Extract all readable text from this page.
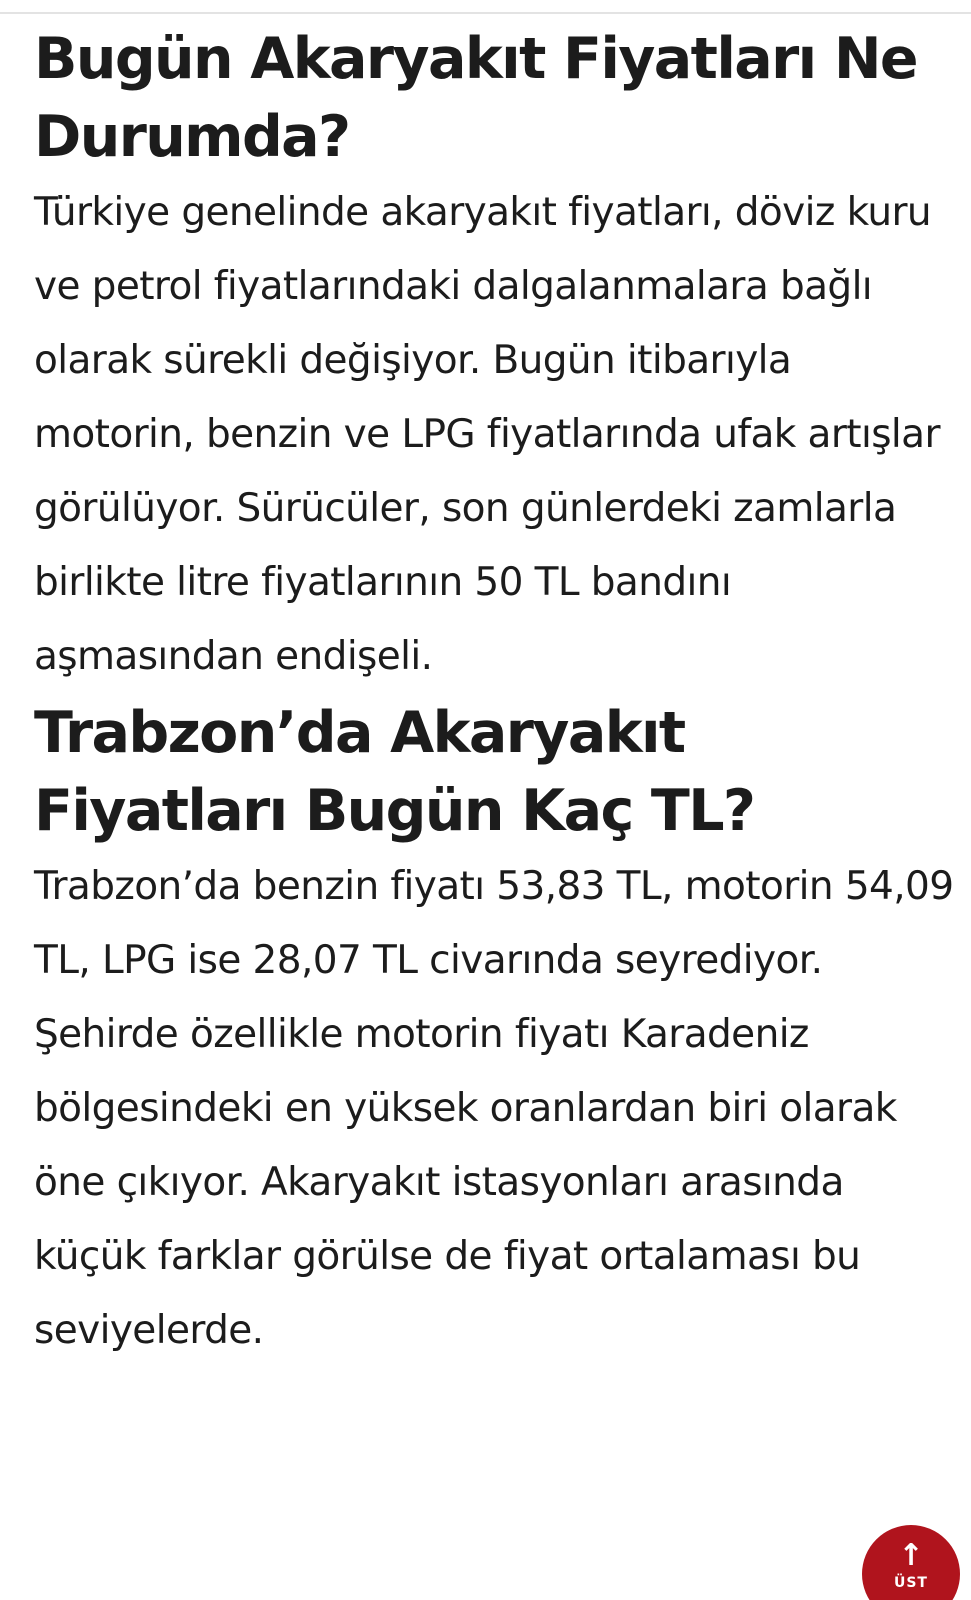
Bugün Akaryakıt Fiyatları Ne Durumda?

Türkiye genelinde akaryakıt fiyatları, döviz kuru ve petrol fiyatlarındaki dalgalanmalara bağlı olarak sürekli değişiyor. Bugün itibarıyla motorin, benzin ve LPG fiyatlarında ufak artışlar görülüyor. Sürücüler, son günlerdeki zamlarla birlikte litre fiyatlarının 50 TL bandını aşmasından endişeli.

Trabzon’da Akaryakıt Fiyatları Bugün Kaç TL?

Trabzon’da benzin fiyatı 53,83 TL, motorin 54,09 TL, LPG ise 28,07 TL civarında seyrediyor. Şehirde özellikle motorin fiyatı Karadeniz bölgesindeki en yüksek oranlardan biri olarak öne çıkıyor. Akaryakıt istasyonları arasında küçük farklar görülse de fiyat ortalaması bu seviyelerde.

↑
ÜST
